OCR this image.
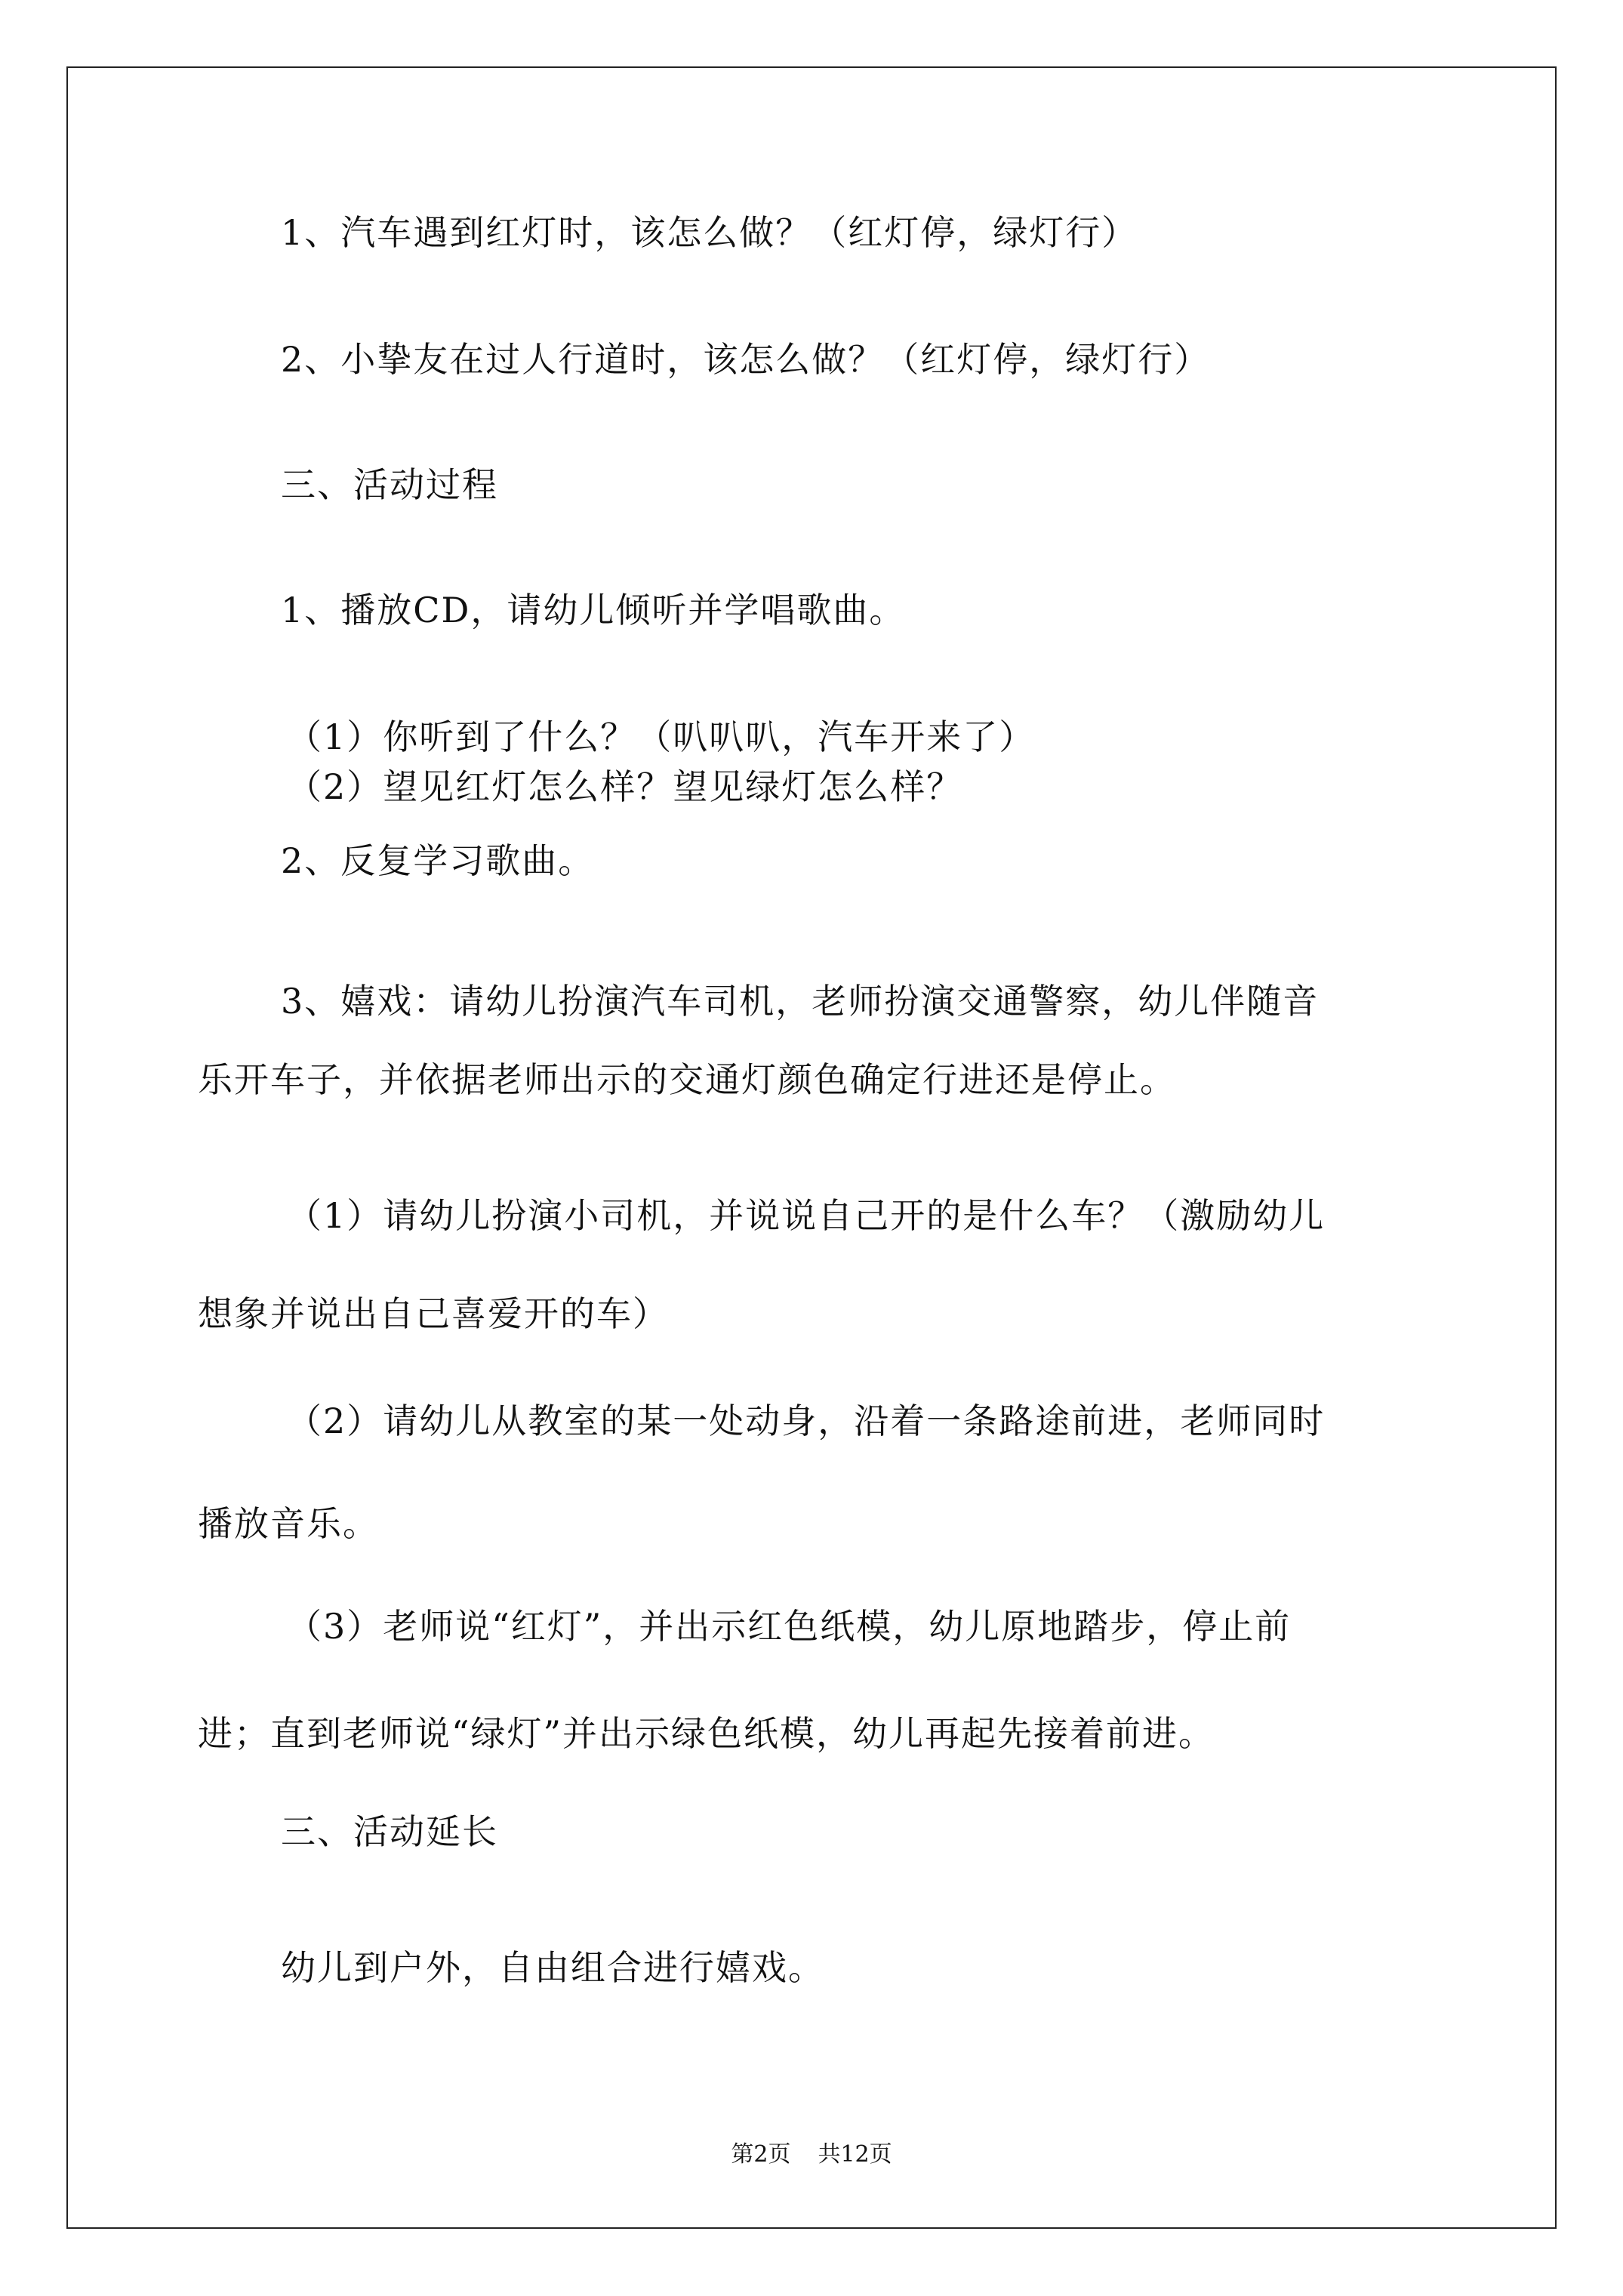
1、汽车遇到红灯时，该怎么做？（红灯停，绿灯行）
2、小挚友在过人行道时，该怎么做？（红灯停，绿灯行）
三、活动过程
1、播放CD，请幼儿倾听并学唱歌曲。
（1）你听到了什么？（叭叭叭，汽车开来了）
（2）望见红灯怎么样？望见绿灯怎么样？
2、反复学习歌曲。
3、嬉戏：请幼儿扮演汽车司机，老师扮演交通警察，幼儿伴随音
乐开车子，并依据老师出示的交通灯颜色确定行进还是停止。
（1）请幼儿扮演小司机，并说说自己开的是什么车？（激励幼儿
想象并说出自己喜爱开的车）
（2）请幼儿从教室的某一处动身，沿着一条路途前进，老师同时
播放音乐。
（3）老师说“红灯”，并出示红色纸模，幼儿原地踏步，停止前
进；直到老师说“绿灯”并出示绿色纸模，幼儿再起先接着前进。
三、活动延长
幼儿到户外，自由组合进行嬉戏。
第2页 共12页
